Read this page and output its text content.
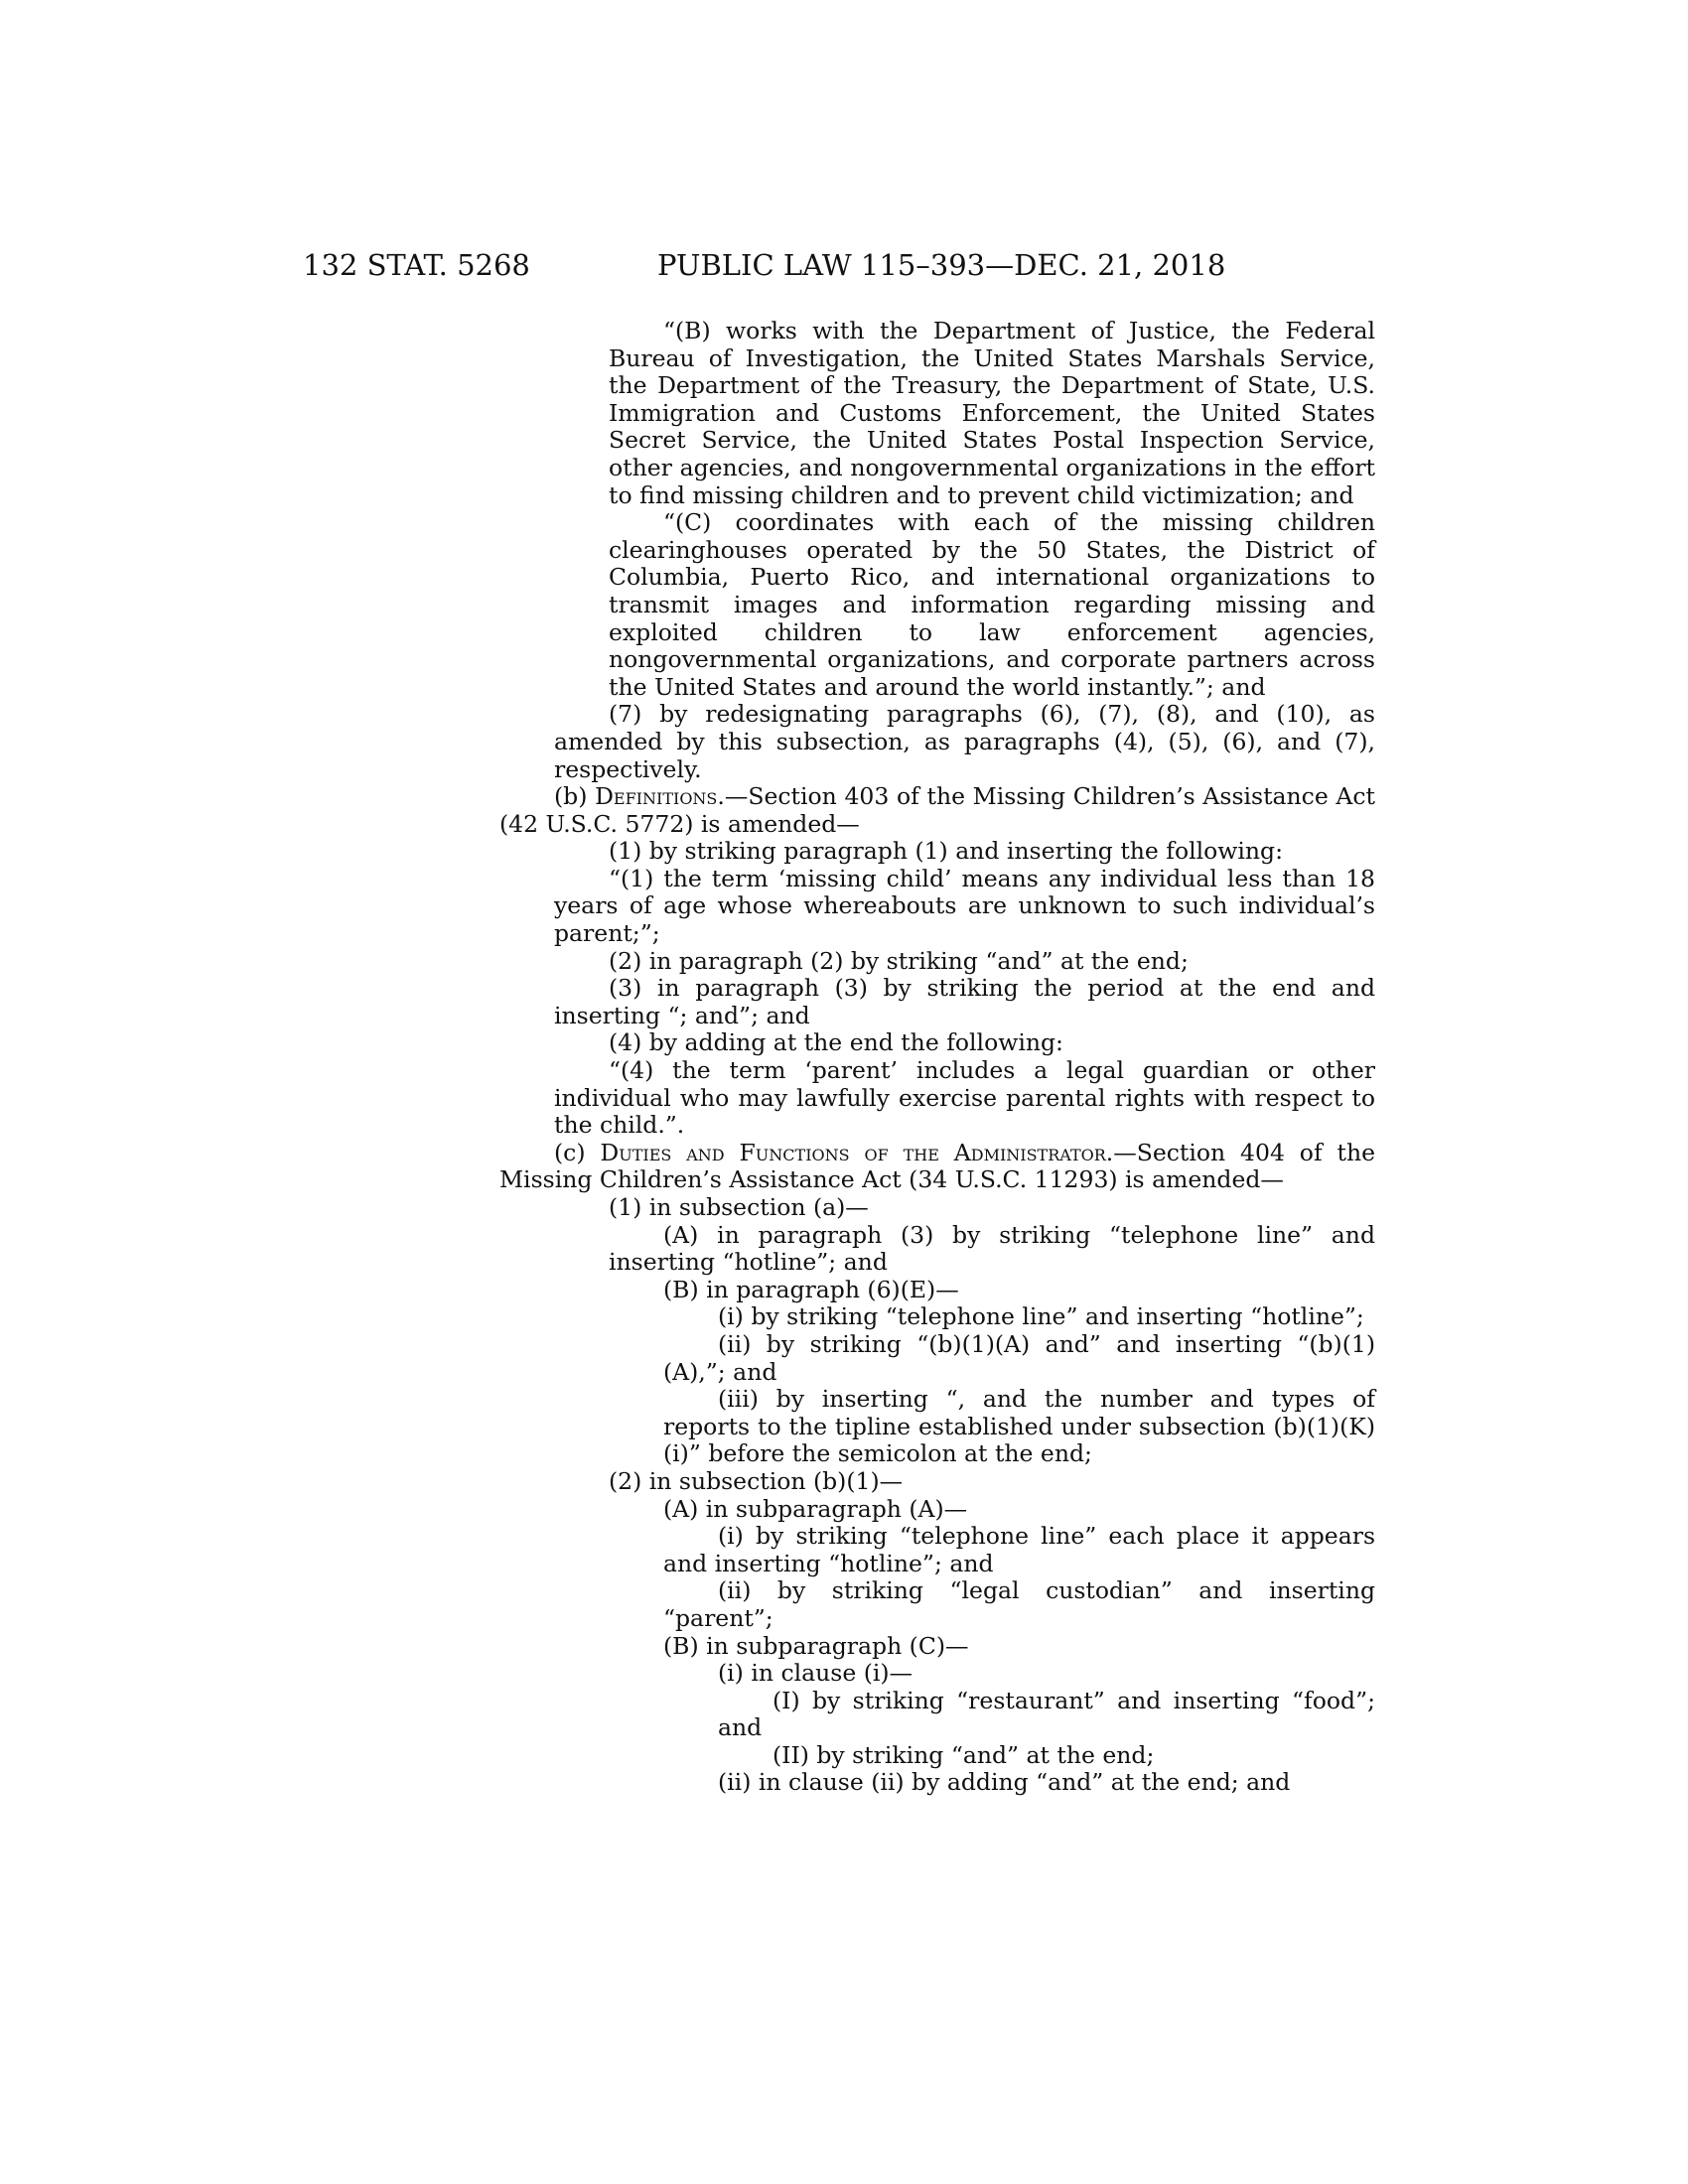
132 STAT. 5268	PUBLIC LAW 115–393—DEC. 21, 2018

“(B) works with the Department of Justice, the Federal Bureau of Investigation, the United States Marshals Service, the Department of the Treasury, the Department of State, U.S. Immigration and Customs Enforcement, the United States Secret Service, the United States Postal Inspection Service, other agencies, and nongovernmental organizations in the effort to find missing children and to prevent child victimization; and

“(C) coordinates with each of the missing children clearinghouses operated by the 50 States, the District of Columbia, Puerto Rico, and international organizations to transmit images and information regarding missing and exploited children to law enforcement agencies, nongovernmental organizations, and corporate partners across the United States and around the world instantly.”; and

(7) by redesignating paragraphs (6), (7), (8), and (10), as amended by this subsection, as paragraphs (4), (5), (6), and (7), respectively.

(b) Definitions.—Section 403 of the Missing Children’s Assistance Act (42 U.S.C. 5772) is amended—

(1) by striking paragraph (1) and inserting the following:

“(1) the term ‘missing child’ means any individual less than 18 years of age whose whereabouts are unknown to such individual’s parent;”;

(2) in paragraph (2) by striking “and” at the end;

(3) in paragraph (3) by striking the period at the end and inserting “; and”; and

(4) by adding at the end the following:

“(4) the term ‘parent’ includes a legal guardian or other individual who may lawfully exercise parental rights with respect to the child.”.

(c) Duties and Functions of the Administrator.—Section 404 of the Missing Children’s Assistance Act (34 U.S.C. 11293) is amended—

(1) in subsection (a)—

(A) in paragraph (3) by striking “telephone line” and inserting “hotline”; and

(B) in paragraph (6)(E)—

(i) by striking “telephone line” and inserting “hotline”;

(ii) by striking “(b)(1)(A) and” and inserting “(b)(1)(A),”; and

(iii) by inserting “, and the number and types of reports to the tipline established under subsection (b)(1)(K)(i)” before the semicolon at the end;

(2) in subsection (b)(1)—

(A) in subparagraph (A)—

(i) by striking “telephone line” each place it appears and inserting “hotline”; and

(ii) by striking “legal custodian” and inserting “parent”;

(B) in subparagraph (C)—

(i) in clause (i)—

(I) by striking “restaurant” and inserting “food”; and

(II) by striking “and” at the end;

(ii) in clause (ii) by adding “and” at the end; and
